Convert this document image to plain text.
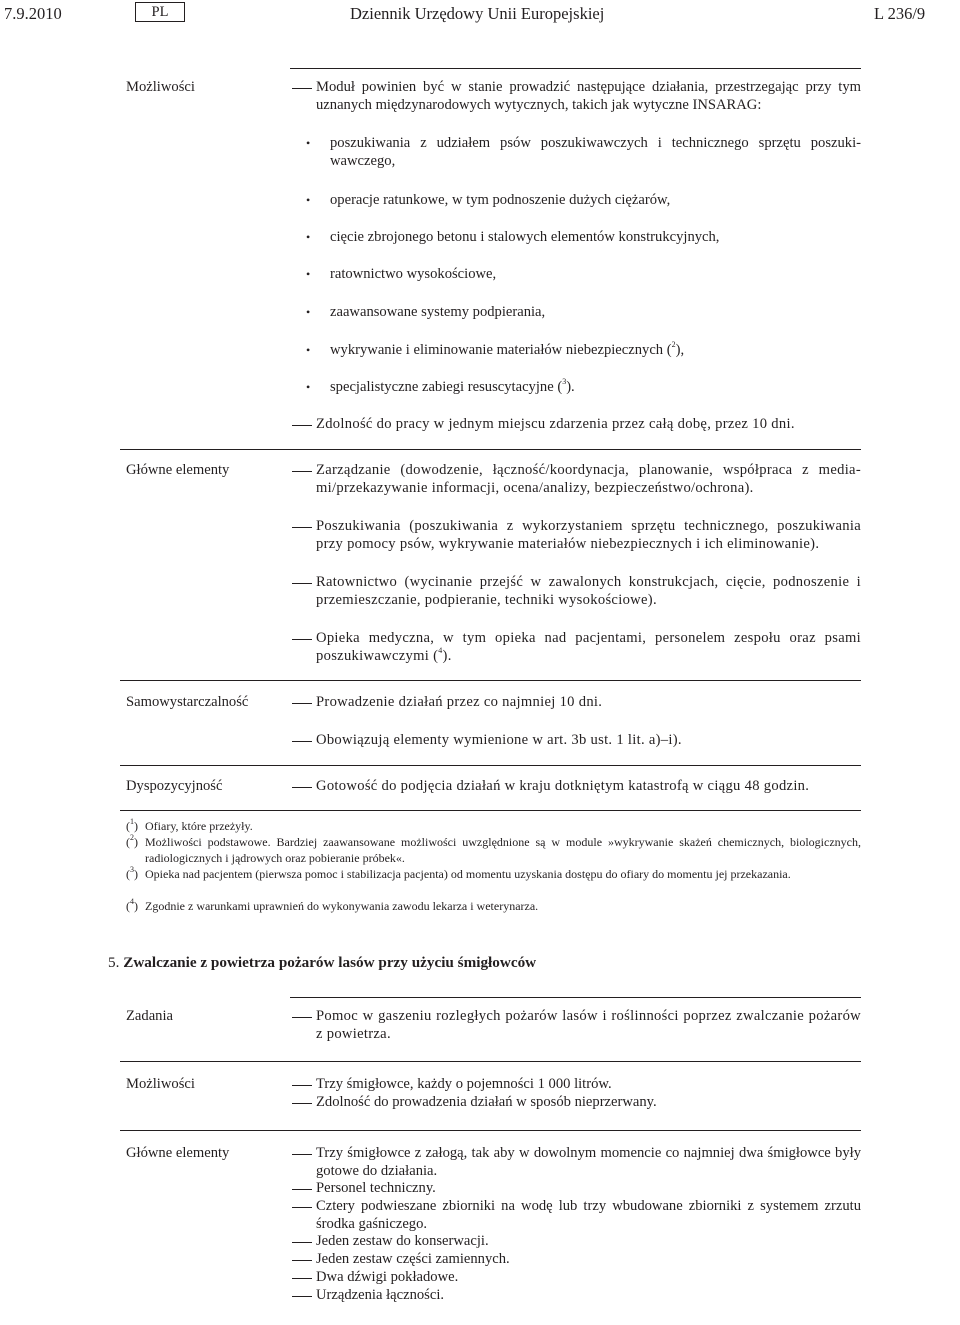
7.9.2010	PL	Dziennik Urzędowy Unii Europejskiej	L 236/9
Możliwości	Moduł powinien być w stanie prowadzić następujące działania, przestrzegając przy tym uznanych międzynarodowych wytycznych, takich jak wytyczne INSARAG:
• poszukiwania z udziałem psów poszukiwawczych i technicznego sprzętu poszuki-wawczego,
• operacje ratunkowe, w tym podnoszenie dużych ciężarów,
• cięcie zbrojonego betonu i stalowych elementów konstrukcyjnych,
• ratownictwo wysokościowe,
• zaawansowane systemy podpierania,
• wykrywanie i eliminowanie materiałów niebezpiecznych ($^2$),
• specjalistyczne zabiegi resuscytacyjne ($^3$).
Zdolność do pracy w jednym miejscu zdarzenia przez całą dobę, przez 10 dni.
Główne elementy	Zarządzanie (dowodzenie, łączność/koordynacja, planowanie, współpraca z media-mi/przekazywanie informacji, ocena/analizy, bezpieczeństwo/ochrona).
Poszukiwania (poszukiwania z wykorzystaniem sprzętu technicznego, poszukiwania przy pomocy psów, wykrywanie materiałów niebezpiecznych i ich eliminowanie).
Ratownictwo (wycinanie przejść w zawalonych konstrukcjach, cięcie, podnoszenie i przemieszczanie, podpieranie, techniki wysokościowe).
Opieka medyczna, w tym opieka nad pacjentami, personelem zespołu oraz psami poszukiwawczymi ($^4$).
Samowystarczalność	Prowadzenie działań przez co najmniej 10 dni.
Obowiązują elementy wymienione w art. 3b ust. 1 lit. a)–i).
Dyspozycyjność	Gotowość do podjęcia działań w kraju dotkniętym katastrofą w ciągu 48 godzin.
($^1$) Ofiary, które przeżyły.
($^2$) Możliwości podstawowe. Bardziej zaawansowane możliwości uwzględnione są w module »wykrywanie skażeń chemicznych, biologicznych, radiologicznych i jądrowych oraz pobieranie próbek«.
($^3$) Opieka nad pacjentem (pierwsza pomoc i stabilizacja pacjenta) od momentu uzyskania dostępu do ofiary do momentu jej przekazania.
($^4$) Zgodnie z warunkami uprawnień do wykonywania zawodu lekarza i weterynarza.
5. Zwalczanie z powietrza pożarów lasów przy użyciu śmigłowców
Zadania	Pomoc w gaszeniu rozległych pożarów lasów i roślinności poprzez zwalczanie pożarów z powietrza.
Możliwości	Trzy śmigłowce, każdy o pojemności 1 000 litrów.
Zdolność do prowadzenia działań w sposób nieprzerwany.
Główne elementy	Trzy śmigłowce z załogą, tak aby w dowolnym momencie co najmniej dwa śmigłowce były gotowe do działania.
Personel techniczny.
Cztery podwieszane zbiorniki na wodę lub trzy wbudowane zbiorniki z systemem zrzutu środka gaśniczego.
Jeden zestaw do konserwacji.
Jeden zestaw części zamiennych.
Dwa dźwigi pokładowe.
Urządzenia łączności.
